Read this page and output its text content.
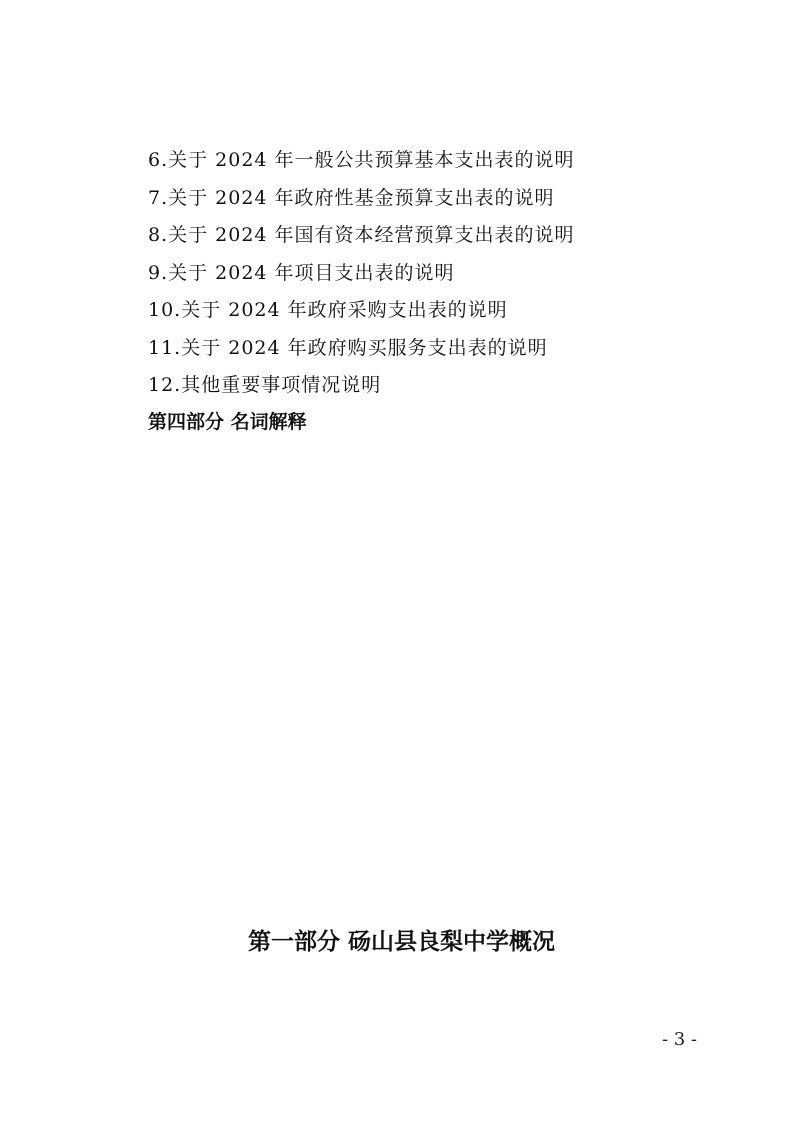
6.关于 2024 年一般公共预算基本支出表的说明
7.关于 2024 年政府性基金预算支出表的说明
8.关于 2024 年国有资本经营预算支出表的说明
9.关于 2024 年项目支出表的说明
10.关于 2024 年政府采购支出表的说明
11.关于 2024 年政府购买服务支出表的说明
12.其他重要事项情况说明
第四部分 名词解释
第一部分 砀山县良梨中学概况
- 3 -
